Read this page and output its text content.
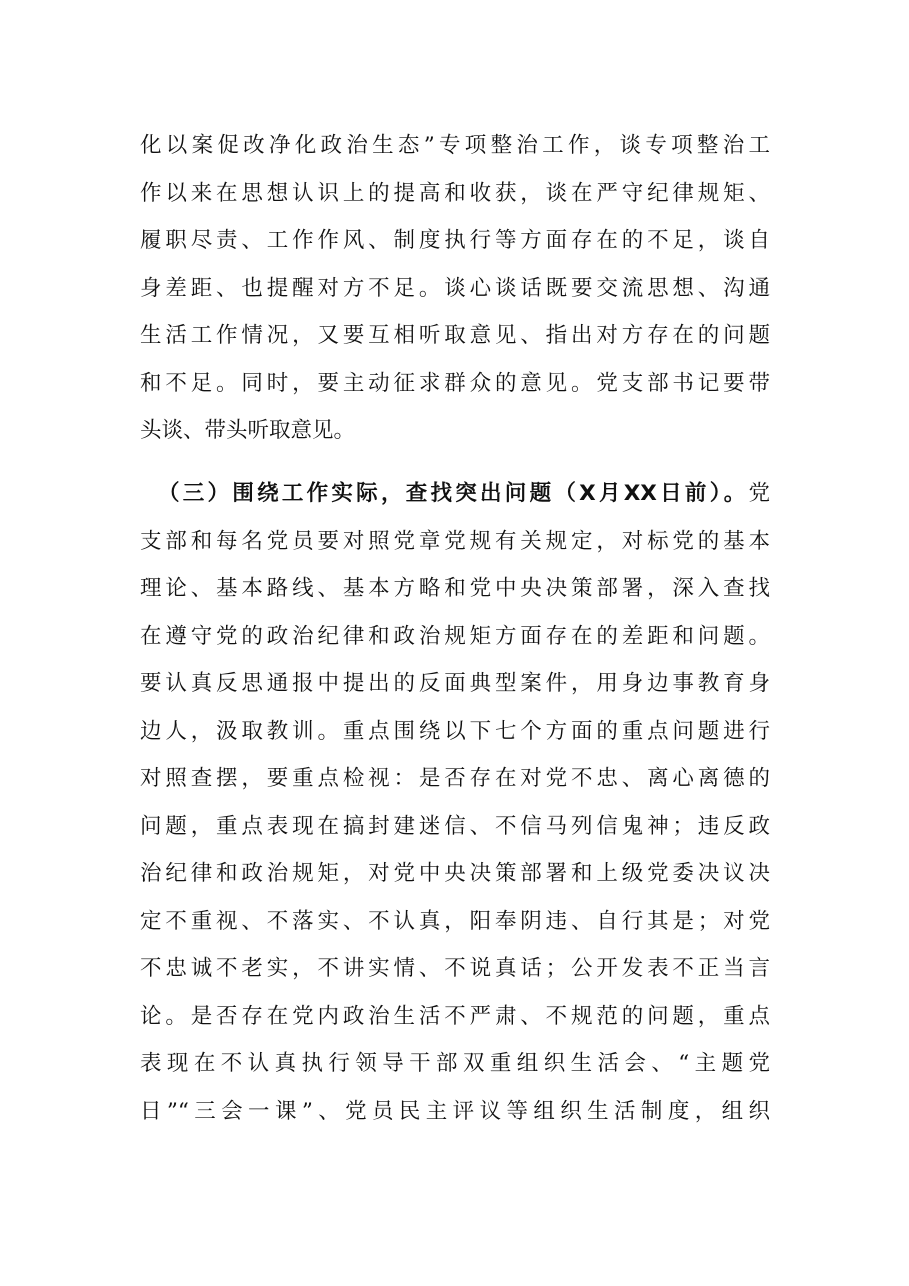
化以案促改净化政治生态”专项整治工作，谈专项整治工
作以来在思想认识上的提高和收获，谈在严守纪律规矩、
履职尽责、工作作风、制度执行等方面存在的不足，谈自
身差距、也提醒对方不足。谈心谈话既要交流思想、沟通
生活工作情况，又要互相听取意见、指出对方存在的问题
和不足。同时，要主动征求群众的意见。党支部书记要带
头谈、带头听取意见。
（三）围绕工作实际，查找突出问题（X月XX日前）。党
支部和每名党员要对照党章党规有关规定，对标党的基本
理论、基本路线、基本方略和党中央决策部署，深入查找
在遵守党的政治纪律和政治规矩方面存在的差距和问题。
要认真反思通报中提出的反面典型案件，用身边事教育身
边人，汲取教训。重点围绕以下七个方面的重点问题进行
对照查摆，要重点检视：是否存在对党不忠、离心离德的
问题，重点表现在搞封建迷信、不信马列信鬼神；违反政
治纪律和政治规矩，对党中央决策部署和上级党委决议决
定不重视、不落实、不认真，阳奉阴违、自行其是；对党
不忠诚不老实，不讲实情、不说真话；公开发表不正当言
论。是否存在党内政治生活不严肃、不规范的问题，重点
表现在不认真执行领导干部双重组织生活会、“主题党
日”“三会一课”、党员民主评议等组织生活制度，组织
